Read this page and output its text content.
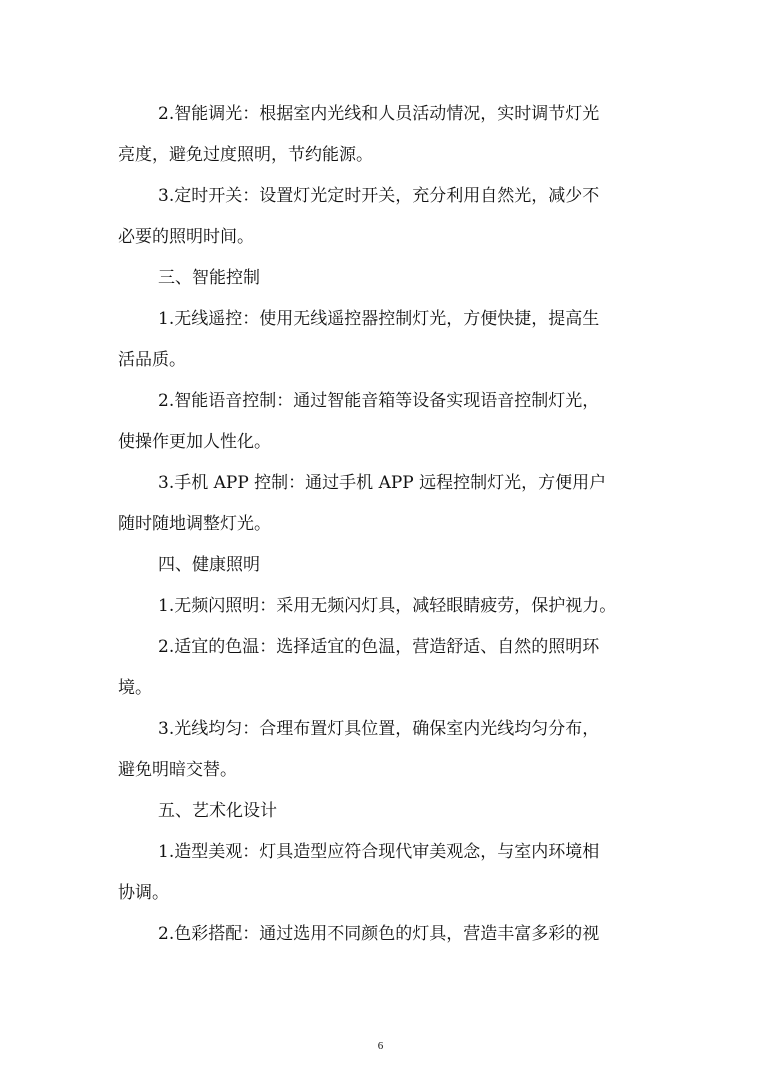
2.智能调光：根据室内光线和人员活动情况，实时调节灯光
亮度，避免过度照明，节约能源。
3.定时开关：设置灯光定时开关，充分利用自然光，减少不
必要的照明时间。
三、智能控制
1.无线遥控：使用无线遥控器控制灯光，方便快捷，提高生
活品质。
2.智能语音控制：通过智能音箱等设备实现语音控制灯光，
使操作更加人性化。
3.手机 APP 控制：通过手机 APP 远程控制灯光，方便用户
随时随地调整灯光。
四、健康照明
1.无频闪照明：采用无频闪灯具，减轻眼睛疲劳，保护视力。
2.适宜的色温：选择适宜的色温，营造舒适、自然的照明环
境。
3.光线均匀：合理布置灯具位置，确保室内光线均匀分布，
避免明暗交替。
五、艺术化设计
1.造型美观：灯具造型应符合现代审美观念，与室内环境相
协调。
2.色彩搭配：通过选用不同颜色的灯具，营造丰富多彩的视
6
